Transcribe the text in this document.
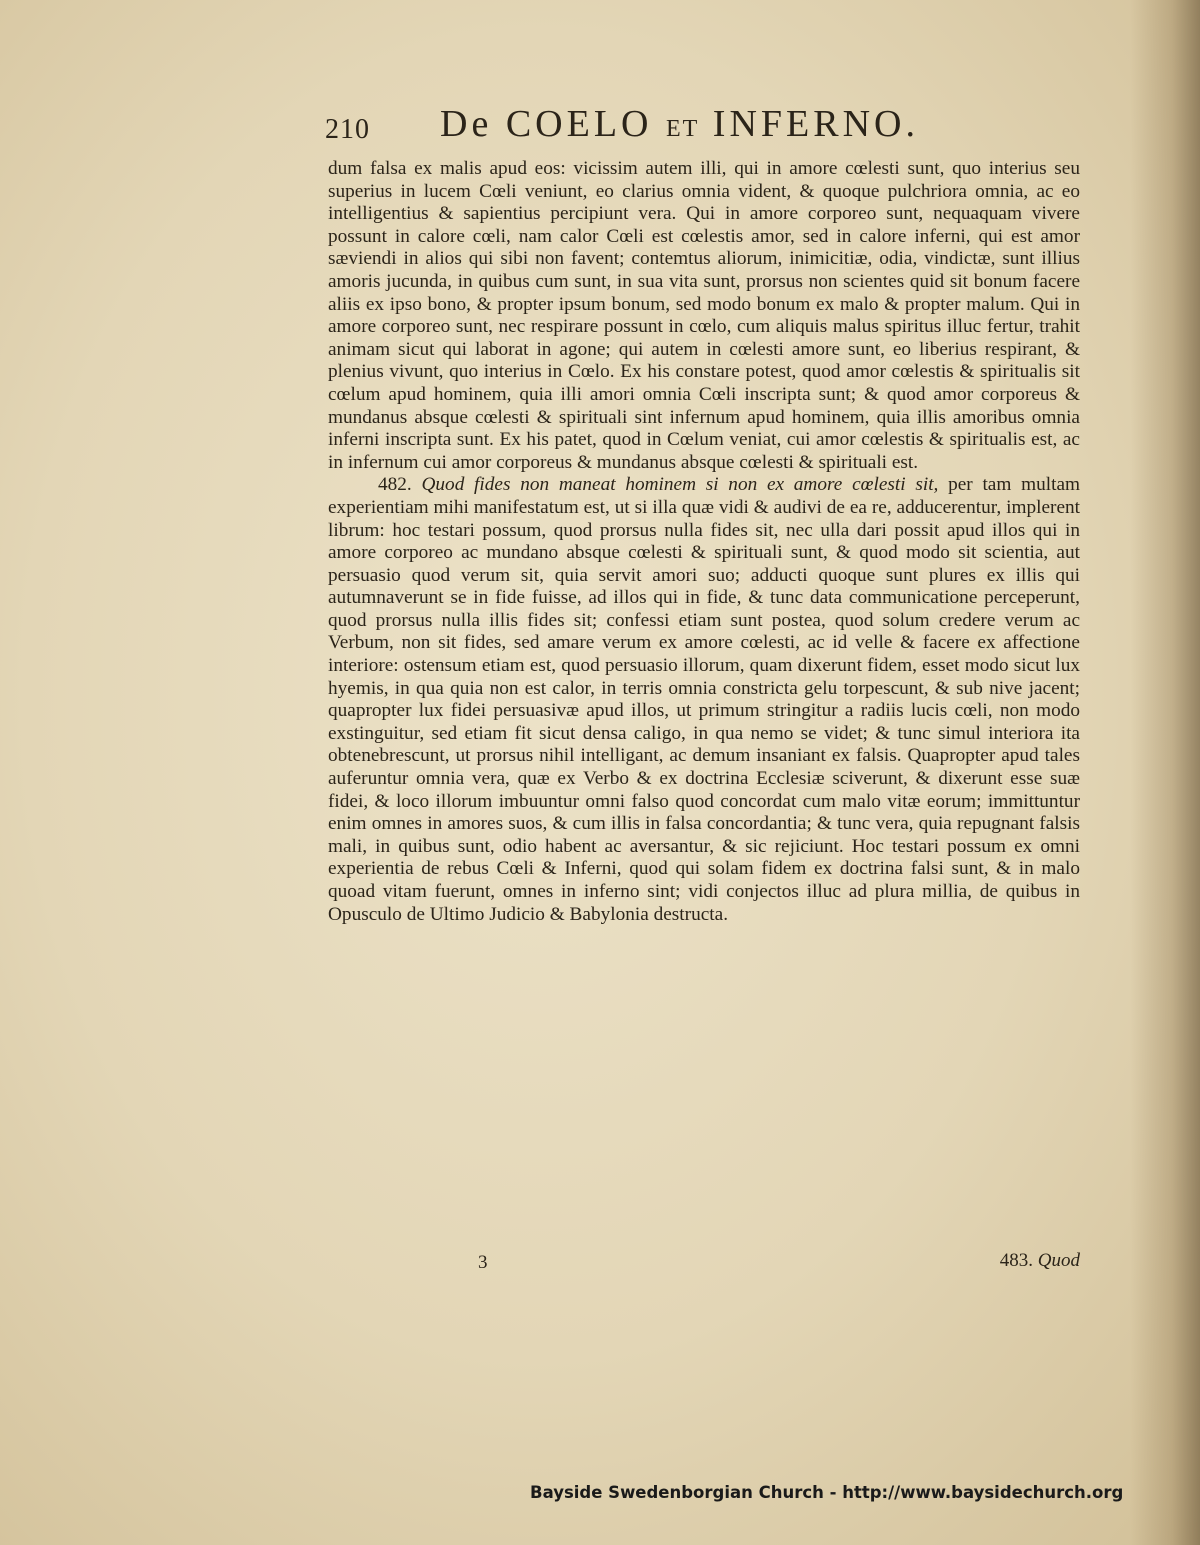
210 De COELO ET INFERNO.

dum falsa ex malis apud eos: vicissim autem illi, qui in amore cœlesti sunt, quo interius seu superius in lucem Cœli veniunt, eo clarius omnia vident, & quoque pulchriora omnia, ac eo intelligentius & sapientius percipiunt vera. Qui in amore corporeo sunt, nequaquam vivere possunt in calore cœli, nam calor Cœli est cœlestis amor, sed in calore inferni, qui est amor sæviendi in alios qui sibi non favent; contemtus aliorum, inimicitiæ, odia, vindictæ, sunt illius amoris jucunda, in quibus cum sunt, in sua vita sunt, prorsus non scientes quid sit bonum facere aliis ex ipso bono, & propter ipsum bonum, sed modo bonum ex malo & propter malum. Qui in amore corporeo sunt, nec respirare possunt in cœlo, cum aliquis malus spiritus illuc fertur, trahit animam sicut qui laborat in agone; qui autem in cœlesti amore sunt, eo liberius respirant, & plenius vivunt, quo interius in Cœlo. Ex his constare potest, quod amor cœlestis & spiritualis sit cœlum apud hominem, quia illi amori omnia Cœli inscripta sunt; & quod amor corporeus & mundanus absque cœlesti & spirituali sint infernum apud hominem, quia illis amoribus omnia inferni inscripta sunt. Ex his patet, quod in Cœlum veniat, cui amor cœlestis & spiritualis est, ac in infernum cui amor corporeus & mundanus absque cœlesti & spirituali est.

482. Quod fides non maneat hominem si non ex amore cœlesti sit, per tam multam experientiam mihi manifestatum est, ut si illa quæ vidi & audivi de ea re, adducerentur, implerent librum: hoc testari possum, quod prorsus nulla fides sit, nec ulla dari possit apud illos qui in amore corporeo ac mundano absque cœlesti & spirituali sunt, & quod modo sit scientia, aut persuasio quod verum sit, quia servit amori suo; adducti quoque sunt plures ex illis qui autumnaverunt se in fide fuisse, ad illos qui in fide, & tunc data communicatione perceperunt, quod prorsus nulla illis fides sit; confessi etiam sunt postea, quod solum credere verum ac Verbum, non sit fides, sed amare verum ex amore cœlesti, ac id velle & facere ex affectione interiore: ostensum etiam est, quod persuasio illorum, quam dixerunt fidem, esset modo sicut lux hyemis, in qua quia non est calor, in terris omnia constricta gelu torpescunt, & sub nive jacent; quapropter lux fidei persuasivæ apud illos, ut primum stringitur a radiis lucis cœli, non modo exstinguitur, sed etiam fit sicut densa caligo, in qua nemo se videt; & tunc simul interiora ita obtenebrescunt, ut prorsus nihil intelligant, ac demum insaniant ex falsis. Quapropter apud tales auferuntur omnia vera, quæ ex Verbo & ex doctrina Ecclesiæ sciverunt, & dixerunt esse suæ fidei, & loco illorum imbuuntur omni falso quod concordat cum malo vitæ eorum; immittuntur enim omnes in amores suos, & cum illis in falsa concordantia; & tunc vera, quia repugnant falsis mali, in quibus sunt, odio habent ac aversantur, & sic rejiciunt. Hoc testari possum ex omni experientia de rebus Cœli & Inferni, quod qui solam fidem ex doctrina falsi sunt, & in malo quoad vitam fuerunt, omnes in inferno sint; vidi conjectos illuc ad plura millia, de quibus in Opusculo de Ultimo Judicio & Babylonia destructa.

3	483. Quod
Bayside Swedenborgian Church - http://www.baysidechurch.org
